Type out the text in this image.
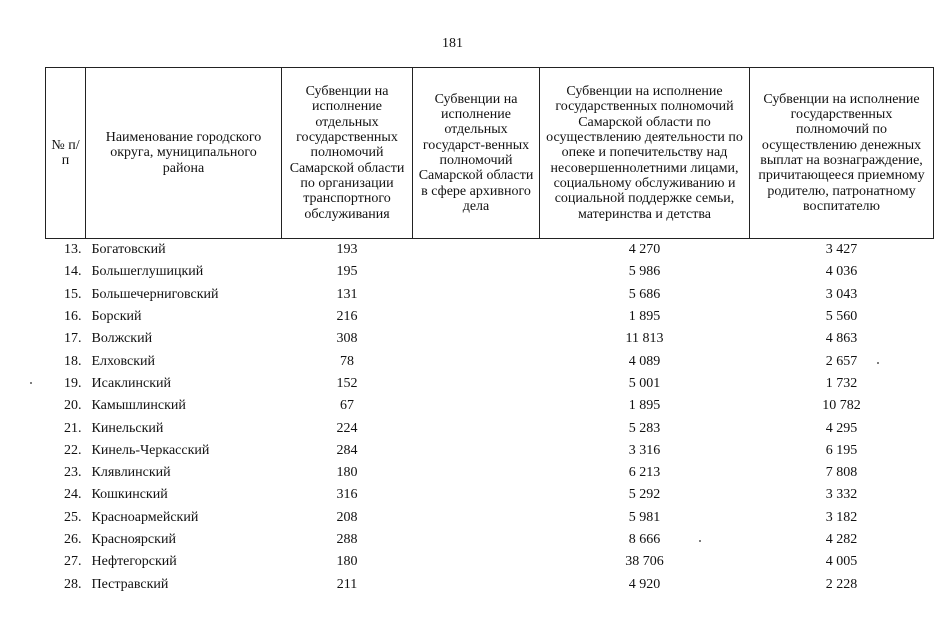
181
№ п/п	Наименование городского округа, муниципального района	Субвенции на исполнение отдельных государственных полномочий Самарской области по организации транспортного обслуживания	Субвенции на исполнение отдельных государст-венных полномочий Самарской области в сфере архивного дела	Субвенции на исполнение государственных полномочий Самарской области по осуществлению деятельности по опеке и попечительству над несовершеннолетними лицами, социальному обслуживанию и социальной поддержке семьи, материнства и детства	Субвенции на исполнение государственных полномочий по осуществлению денежных выплат на вознаграждение, причитающееся приемному родителю, патронатному воспитателю
13.	Богатовский	193		4 270	3 427
14.	Большеглушицкий	195		5 986	4 036
15.	Большечерниговский	131		5 686	3 043
16.	Борский	216		1 895	5 560
17.	Волжский	308		11 813	4 863
18.	Елховский	78		4 089	2 657
19.	Исаклинский	152		5 001	1 732
20.	Камышлинский	67		1 895	10 782
21.	Кинельский	224		5 283	4 295
22.	Кинель-Черкасский	284		3 316	6 195
23.	Клявлинский	180		6 213	7 808
24.	Кошкинский	316		5 292	3 332
25.	Красноармейский	208		5 981	3 182
26.	Красноярский	288		8 666	4 282
27.	Нефтегорский	180		38 706	4 005
28.	Пестравский	211		4 920	2 228
